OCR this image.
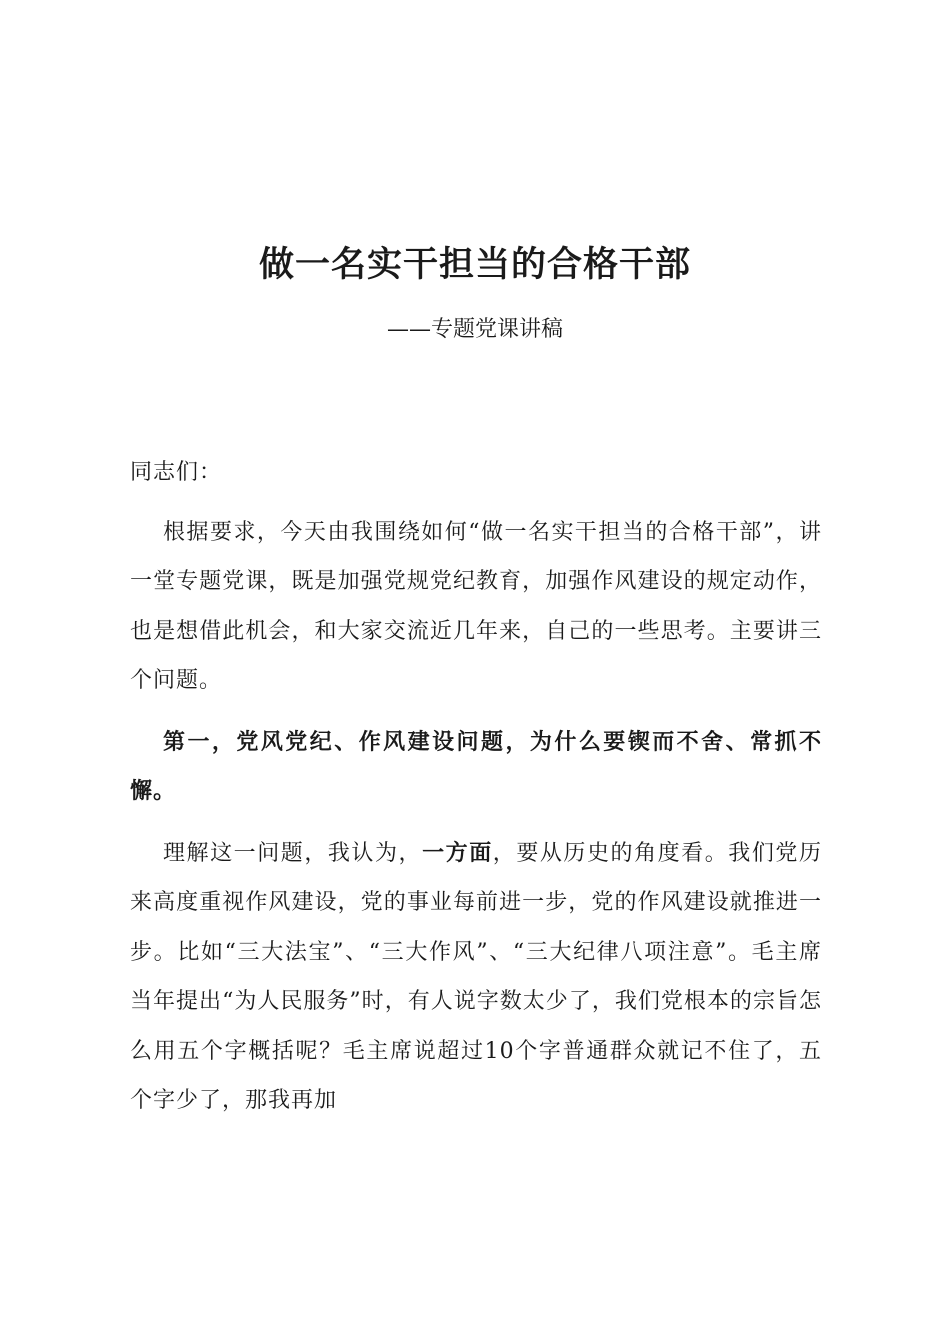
做一名实干担当的合格干部

——专题党课讲稿

同志们：

根据要求，今天由我围绕如何“做一名实干担当的合格干部”，讲一堂专题党课，既是加强党规党纪教育，加强作风建设的规定动作，也是想借此机会，和大家交流近几年来，自己的一些思考。主要讲三个问题。

第一，党风党纪、作风建设问题，为什么要锲而不舍、常抓不懈。

理解这一问题，我认为，一方面，要从历史的角度看。我们党历来高度重视作风建设，党的事业每前进一步，党的作风建设就推进一步。比如“三大法宝”、“三大作风”、“三大纪律八项注意”。毛主席当年提出“为人民服务”时，有人说字数太少了，我们党根本的宗旨怎么用五个字概括呢？毛主席说超过10个字普通群众就记不住了，五个字少了，那我再加
